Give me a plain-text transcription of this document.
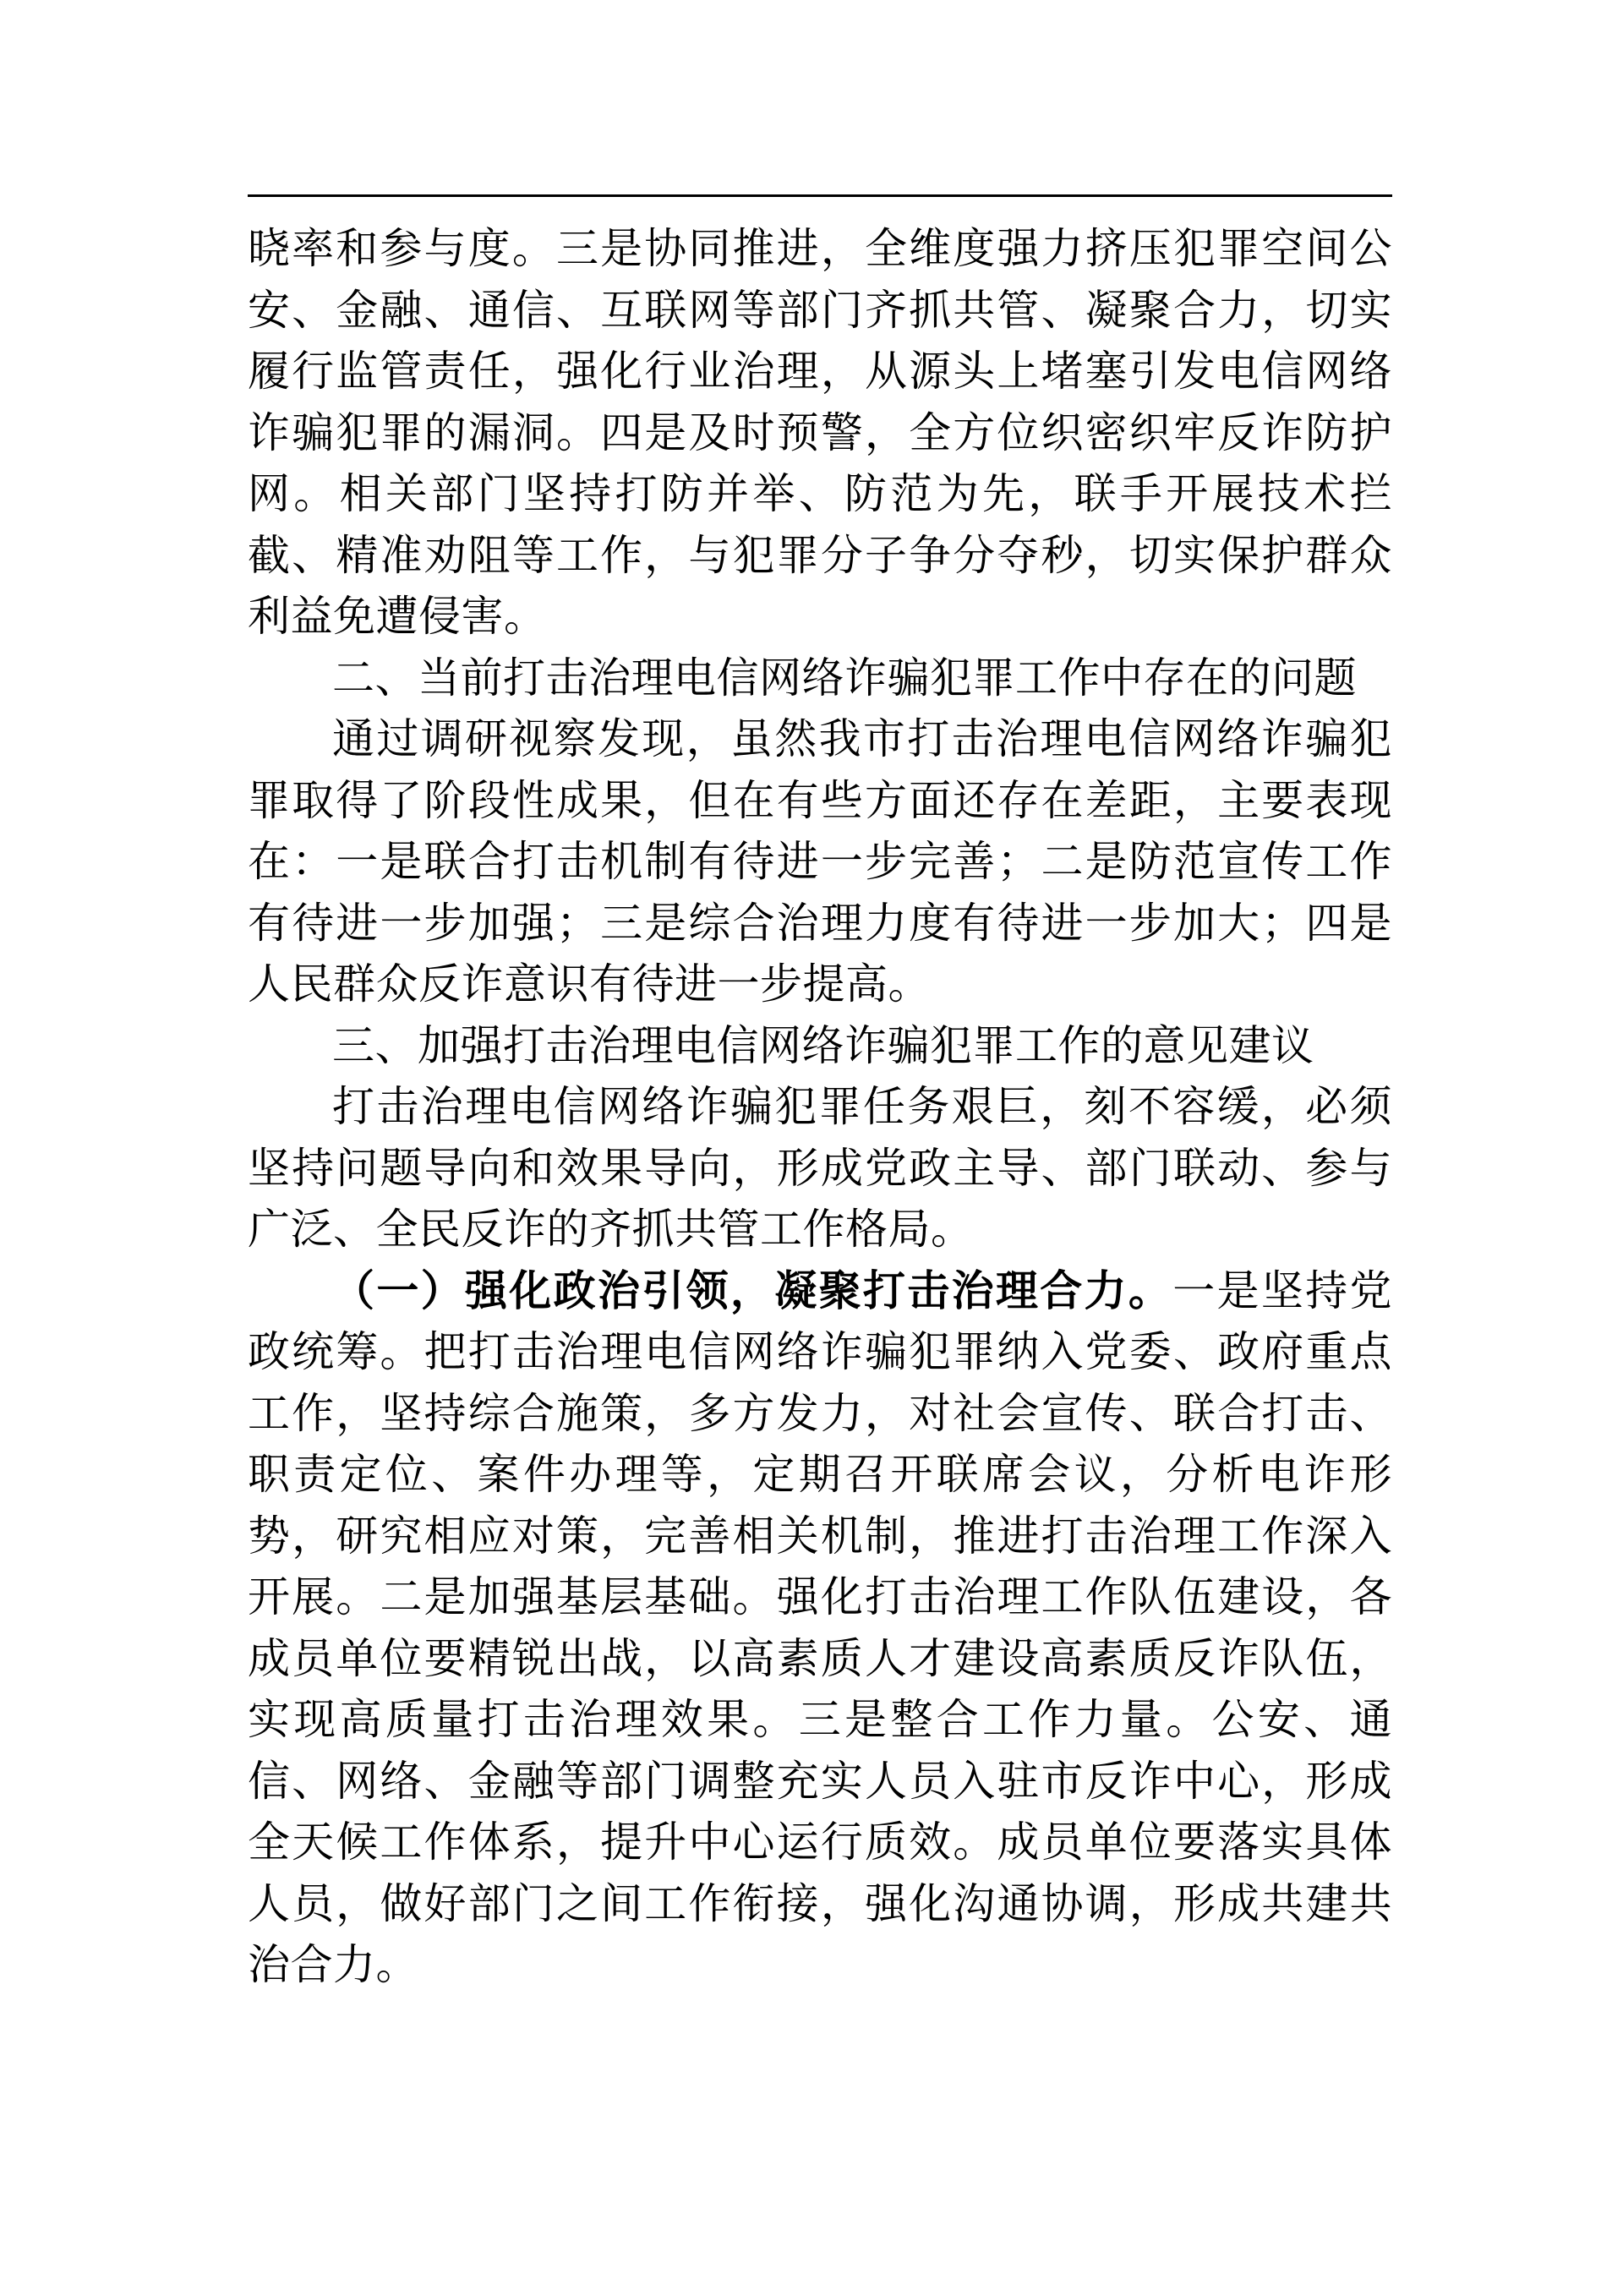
晓率和参与度。三是协同推进，全维度强力挤压犯罪空间公安、金融、通信、互联网等部门齐抓共管、凝聚合力，切实履行监管责任，强化行业治理，从源头上堵塞引发电信网络诈骗犯罪的漏洞。四是及时预警，全方位织密织牢反诈防护网。相关部门坚持打防并举、防范为先，联手开展技术拦截、精准劝阻等工作，与犯罪分子争分夺秒，切实保护群众利益免遭侵害。

二、当前打击治理电信网络诈骗犯罪工作中存在的问题

通过调研视察发现，虽然我市打击治理电信网络诈骗犯罪取得了阶段性成果，但在有些方面还存在差距，主要表现在：一是联合打击机制有待进一步完善；二是防范宣传工作有待进一步加强；三是综合治理力度有待进一步加大；四是人民群众反诈意识有待进一步提高。

三、加强打击治理电信网络诈骗犯罪工作的意见建议

打击治理电信网络诈骗犯罪任务艰巨，刻不容缓，必须坚持问题导向和效果导向，形成党政主导、部门联动、参与广泛、全民反诈的齐抓共管工作格局。

（一）强化政治引领，凝聚打击治理合力。一是坚持党政统筹。把打击治理电信网络诈骗犯罪纳入党委、政府重点工作，坚持综合施策，多方发力，对社会宣传、联合打击、职责定位、案件办理等，定期召开联席会议，分析电诈形势，研究相应对策，完善相关机制，推进打击治理工作深入开展。二是加强基层基础。强化打击治理工作队伍建设，各成员单位要精锐出战，以高素质人才建设高素质反诈队伍，实现高质量打击治理效果。三是整合工作力量。公安、通信、网络、金融等部门调整充实人员入驻市反诈中心，形成全天候工作体系，提升中心运行质效。成员单位要落实具体人员，做好部门之间工作衔接，强化沟通协调，形成共建共治合力。
